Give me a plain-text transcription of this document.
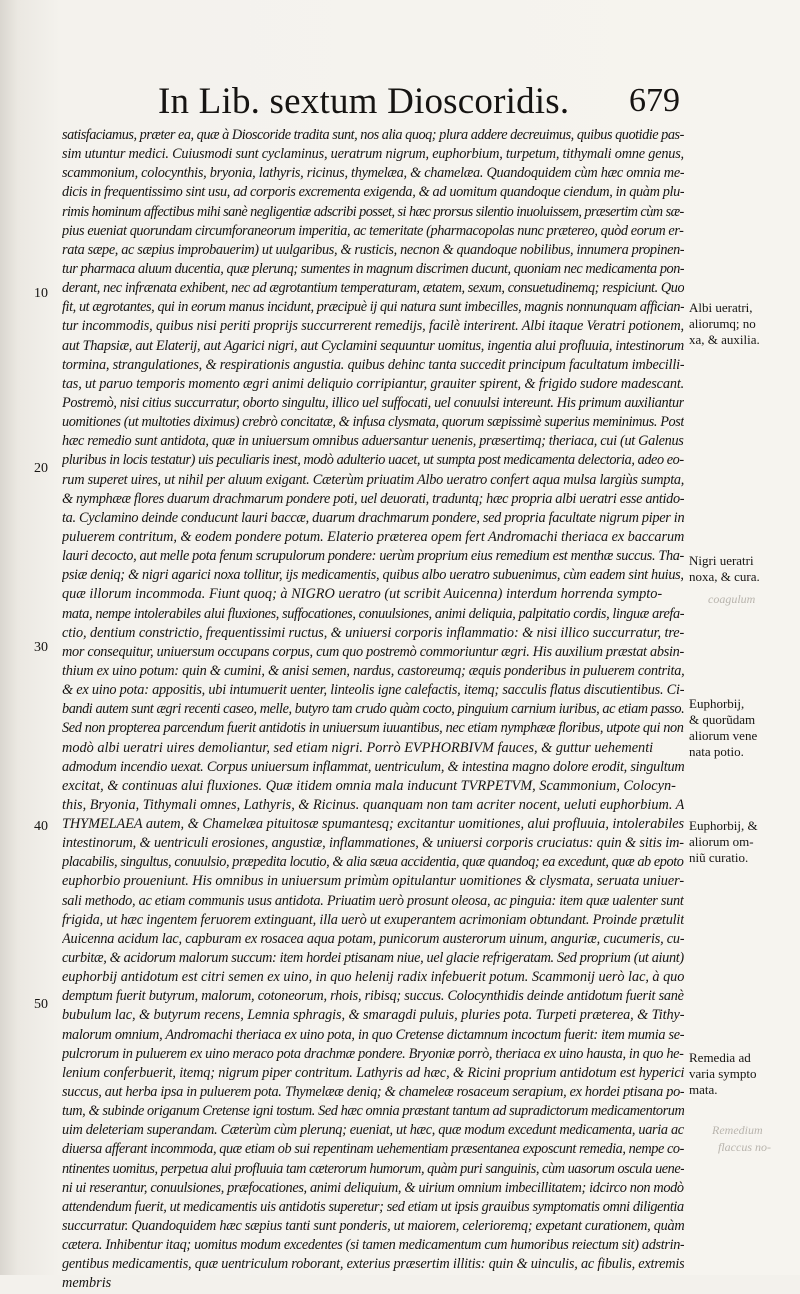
In Lib. sextum Dioscoridis. 679
satisfaciamus, præter ea, quæ à Dioscoride tradita sunt, nos alia quoq; plura addere decreuimus, quibus quotidie pas-
sim utuntur medici. Cuiusmodi sunt cyclaminus, ueratrum nigrum, euphorbium, turpetum, tithymali omne genus,
scammonium, colocynthis, bryonia, lathyris, ricinus, thymelæa, & chamelæa. Quandoquidem cùm hæc omnia me-
dicis in frequentissimo sint usu, ad corporis excrementa exigenda, & ad uomitum quandoque ciendum, in quàm plu-
rimis hominum affectibus mihi sanè negligentiæ adscribi posset, si hæc prorsus silentio inuoluissem, præsertim cùm sæ-
pius eueniat quorundam circumforaneorum imperitia, ac temeritate (pharmacopolas nunc prætereo, quòd eorum er-
rata sæpe, ac sæpius improbauerim) ut uulgaribus, & rusticis, necnon & quandoque nobilibus, innumera propinen-
tur pharmaca aluum ducentia, quæ plerunq; sumentes in magnum discrimen ducunt, quoniam nec medicamenta pon-
derant, nec infrænata exhibent, nec ad ægrotantium temperaturam, ætatem, sexum, consuetudinemq; respiciunt. Quo
fit, ut ægrotantes, qui in eorum manus incidunt, præcipuè ij qui natura sunt imbecilles, magnis nonnunquam affician-
tur incommodis, quibus nisi periti proprijs succurrerent remedijs, facilè interirent. Albi itaque Veratri potionem,
aut Thapsiæ, aut Elaterij, aut Agarici nigri, aut Cyclamini sequuntur uomitus, ingentia alui profluuia, intestinorum
tormina, strangulationes, & respirationis angustia. quibus dehinc tanta succedit principum facultatum imbecilli-
tas, ut paruo temporis momento ægri animi deliquio corripiantur, grauiter spirent, & frigido sudore madescant.
Postremò, nisi citius succurratur, oborto singultu, illico uel suffocati, uel conuulsi intereunt. His primum auxiliantur
uomitiones (ut multoties diximus) crebrò concitatæ, & infusa clysmata, quorum sæpissimè superius meminimus. Post
hæc remedio sunt antidota, quæ in uniuersum omnibus aduersantur uenenis, præsertimq; theriaca, cui (ut Galenus
pluribus in locis testatur) uis peculiaris inest, modò adulterio uacet, ut sumpta post medicamenta delectoria, adeo eo-
rum superet uires, ut nihil per aluum exigant. Cæterùm priuatim Albo ueratro confert aqua mulsa largiùs sumpta,
& nymphææ flores duarum drachmarum pondere poti, uel deuorati, traduntq; hæc propria albi ueratri esse antido-
ta. Cyclamino deinde conducunt lauri baccæ, duarum drachmarum pondere, sed propria facultate nigrum piper in
puluerem contritum, & eodem pondere potum. Elaterio præterea opem fert Andromachi theriaca ex baccarum
lauri decocto, aut melle pota fenum scrupulorum pondere: uerùm proprium eius remedium est menthæ succus. Tha-
psiæ deniq; & nigri agarici noxa tollitur, ijs medicamentis, quibus albo ueratro subuenimus, cùm eadem sint huius,
quæ illorum incommoda. Fiunt quoq; à NIGRO ueratro (ut scribit Auicenna) interdum horrenda sympto-
mata, nempe intolerabiles alui fluxiones, suffocationes, conuulsiones, animi deliquia, palpitatio cordis, linguæ arefa-
ctio, dentium constrictio, frequentissimi ructus, & uniuersi corporis inflammatio: & nisi illico succurratur, tre-
mor consequitur, uniuersum occupans corpus, cum quo postremò commoriuntur ægri. His auxilium præstat absin-
thium ex uino potum: quin & cumini, & anisi semen, nardus, castoreumq; æquis ponderibus in puluerem contrita,
& ex uino pota: appositis, ubi intumuerit uenter, linteolis igne calefactis, itemq; sacculis flatus discutientibus. Ci-
bandi autem sunt ægri recenti caseo, melle, butyro tam crudo quàm cocto, pinguium carnium iuribus, ac etiam passo.
Sed non propterea parcendum fuerit antidotis in uniuersum iuuantibus, nec etiam nymphææ floribus, utpote qui non
modò albi ueratri uires demoliantur, sed etiam nigri. Porrò EVPHORBIVM fauces, & guttur uehementi
admodum incendio uexat. Corpus uniuersum inflammat, uentriculum, & intestina magno dolore erodit, singultum
excitat, & continuas alui fluxiones. Quæ itidem omnia mala inducunt TVRPETVM, Scammonium, Colocyn-
this, Bryonia, Tithymali omnes, Lathyris, & Ricinus. quanquam non tam acriter nocent, ueluti euphorbium. A
THYMELAEA autem, & Chamelæa pituitosæ spumantesq; excitantur uomitiones, alui profluuia, intolerabiles
intestinorum, & uentriculi erosiones, angustiæ, inflammationes, & uniuersi corporis cruciatus: quin & sitis im-
placabilis, singultus, conuulsio, præpedita locutio, & alia sæua accidentia, quæ quandoq; ea excedunt, quæ ab epoto
euphorbio proueniunt. His omnibus in uniuersum primùm opitulantur uomitiones & clysmata, seruata uniuer-
sali methodo, ac etiam communis usus antidota. Priuatim uerò prosunt oleosa, ac pinguia: item quæ ualenter sunt
frigida, ut hæc ingentem feruorem extinguant, illa uerò ut exuperantem acrimoniam obtundant. Proinde prætulit
Auicenna acidum lac, capburam ex rosacea aqua potam, punicorum austerorum uinum, anguriæ, cucumeris, cu-
curbitæ, & acidorum malorum succum: item hordei ptisanam niue, uel glacie refrigeratam. Sed proprium (ut aiunt)
euphorbij antidotum est citri semen ex uino, in quo helenij radix infebuerit potum. Scammonij uerò lac, à quo
demptum fuerit butyrum, malorum, cotoneorum, rhois, ribisq; succus. Colocynthidis deinde antidotum fuerit sanè
bubulum lac, & butyrum recens, Lemnia sphragis, & smaragdi puluis, pluries pota. Turpeti præterea, & Tithy-
malorum omnium, Andromachi theriaca ex uino pota, in quo Cretense dictamnum incoctum fuerit: item mumia se-
pulcrorum in puluerem ex uino meraco pota drachmæ pondere. Bryoniæ porrò, theriaca ex uino hausta, in quo he-
lenium conferbuerit, itemq; nigrum piper contritum. Lathyris ad hæc, & Ricini proprium antidotum est hyperici
succus, aut herba ipsa in puluerem pota. Thymelææ deniq; & chameleæ rosaceum serapium, ex hordei ptisana po-
tum, & subinde origanum Cretense igni tostum. Sed hæc omnia præstant tantum ad supradictorum medicamentorum
uim deleteriam superandam. Cæterùm cùm plerunq; eueniat, ut hæc, quæ modum excedunt medicamenta, uaria ac
diuersa afferant incommoda, quæ etiam ob sui repentinam uehementiam præsentanea exposcunt remedia, nempe co-
ntinentes uomitus, perpetua alui profluuia tam cæterorum humorum, quàm puri sanguinis, cùm uasorum oscula uene-
ni ui reserantur, conuulsiones, præfocationes, animi deliquium, & uirium omnium imbecillitatem; idcirco non modò
attendendum fuerit, ut medicamentis uis antidotis superetur; sed etiam ut ipsis grauibus symptomatis omni diligentia
succurratur. Quandoquidem hæc sæpius tanti sunt ponderis, ut maiorem, celerioremq; expetant curationem, quàm
cætera. Inhibentur itaq; uomitus modum excedentes (si tamen medicamentum cum humoribus reiectum sit) adstrin-
gentibus medicamentis, quæ uentriculum roborant, exterius præsertim illitis: quin & uinculis, ac fibulis, extremis
membris
10
20
30
40
50
Albi ueratri,
aliorumq; no
xa, & auxilia.
Nigri ueratri
noxa, & cura.
Euphorbij,
& quorũdam
aliorum vene
nata potio.
Euphorbij, &
aliorum om-
niũ curatio.
Remedia ad
varia sympto
mata.
coagulum
Remedium
flaccus no-
